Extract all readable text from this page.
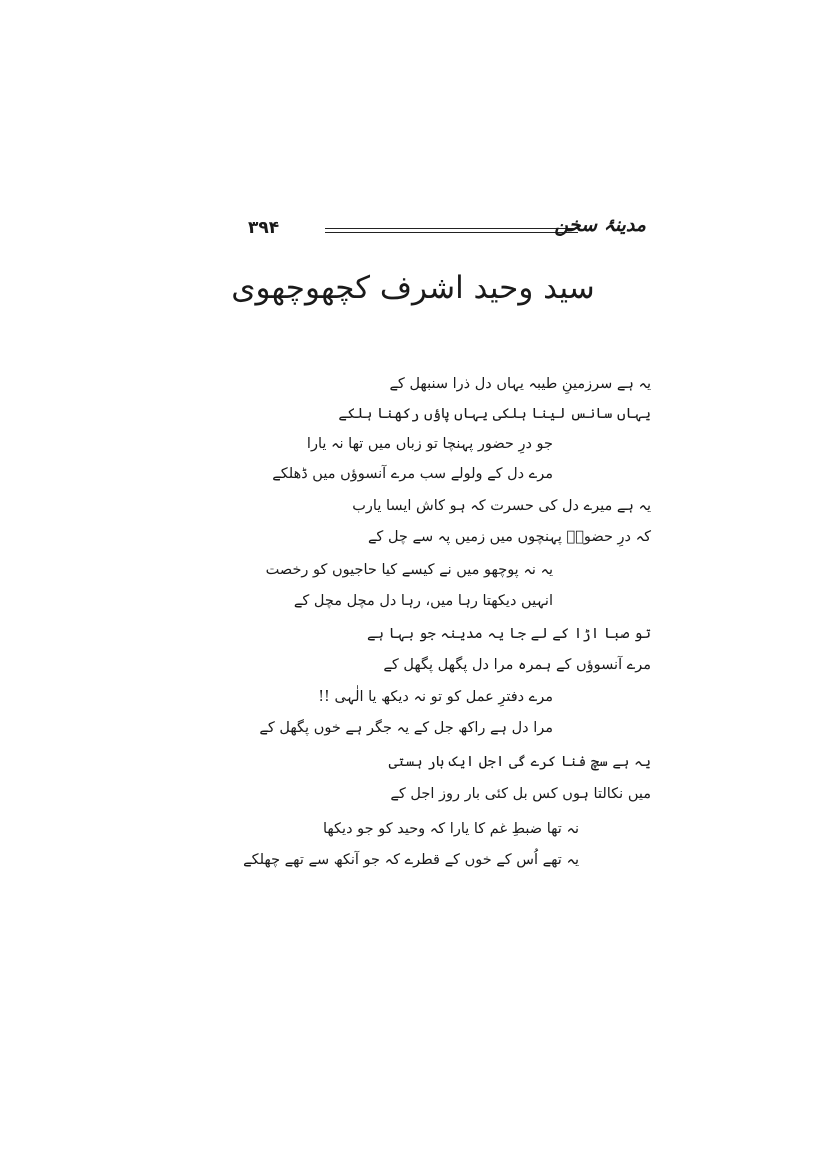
۳۹۴	مدینۂ سخن
سید وحید اشرف کچھوچھوی
یہ ہے سرزمینِ طیبہ یہاں دل ذرا سنبھل کے
یہاں سانس لینا ہلکی یہاں پاؤں رکھنا ہلکے
جو درِ حضور پہنچا تو زباں میں تھا نہ یارا
مرے دل کے ولولے سب مرے آنسوؤں میں ڈھلکے
یہ ہے میرے دل کی حسرت کہ ہو کاش ایسا یارب
کہ درِ حضورؐ پہنچوں میں زمیں پہ سے چل کے
یہ نہ پوچھو میں نے کیسے کیا حاجیوں کو رخصت
انہیں دیکھتا رہا میں، رہا دل مچل مچل کے
تو صبا اڑا کے لے جا یہ مدینہ جو بہا ہے
مرے آنسوؤں کے ہمرہ مرا دل پگھل پگھل کے
مرے دفترِ عمل کو تو نہ دیکھ یا الٰہی !!
مرا دل ہے راکھ جل کے یہ جگر ہے خوں پگھل کے
یہ ہے سچ فنا کرے گی اجل ایک بار ہستی
میں نکالتا ہوں کس بل کئی بار روز اجل کے
نہ تھا ضبطِ غم کا یارا کہ وحید کو جو دیکھا
یہ تھے اُس کے خوں کے قطرے کہ جو آنکھ سے تھے چھلکے
